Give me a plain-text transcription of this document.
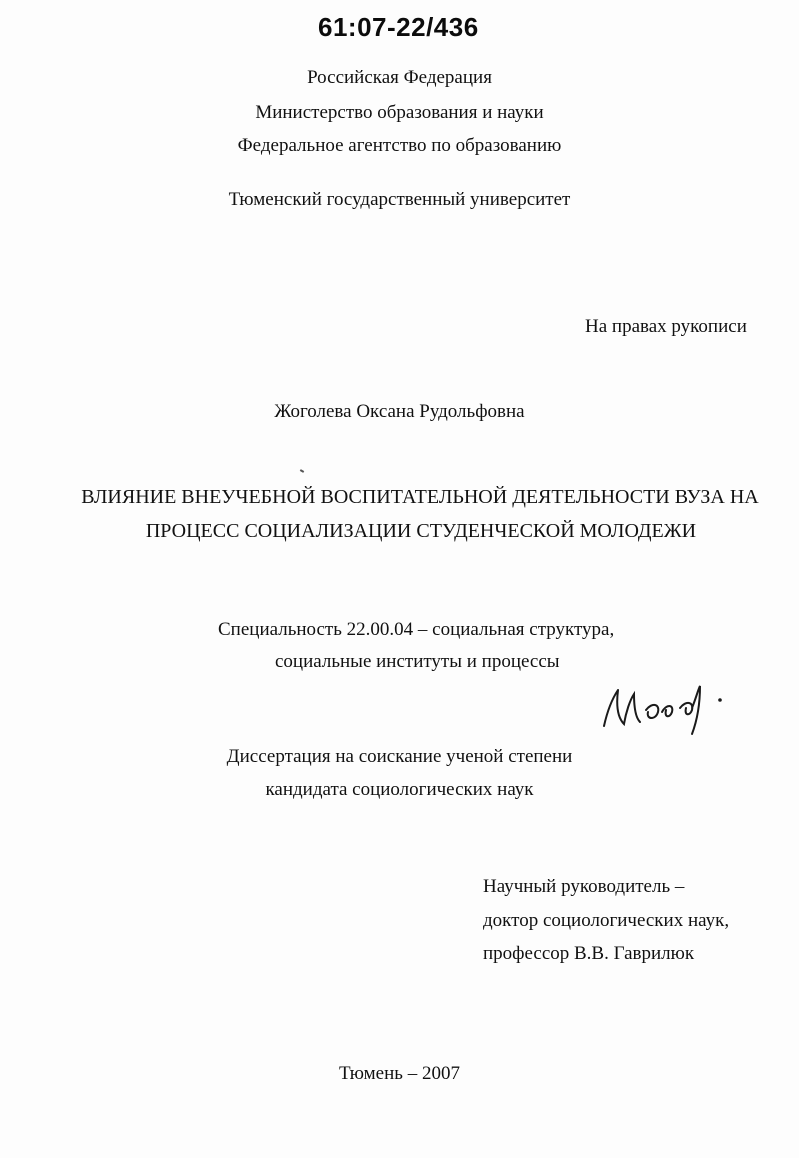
61:07-22/436
Российская Федерация
Министерство образования и науки
Федеральное агентство по образованию
Тюменский государственный университет
На правах рукописи
Жоголева Оксана Рудольфовна
ВЛИЯНИЕ ВНЕУЧЕБНОЙ ВОСПИТАТЕЛЬНОЙ ДЕЯТЕЛЬНОСТИ ВУЗА НА
ПРОЦЕСС СОЦИАЛИЗАЦИИ СТУДЕНЧЕСКОЙ МОЛОДЕЖИ
Специальность 22.00.04 – социальная структура,
социальные институты и процессы
Диссертация на соискание ученой степени
кандидата социологических наук
Научный руководитель –
доктор социологических наук,
профессор В.В. Гаврилюк
Тюмень – 2007
